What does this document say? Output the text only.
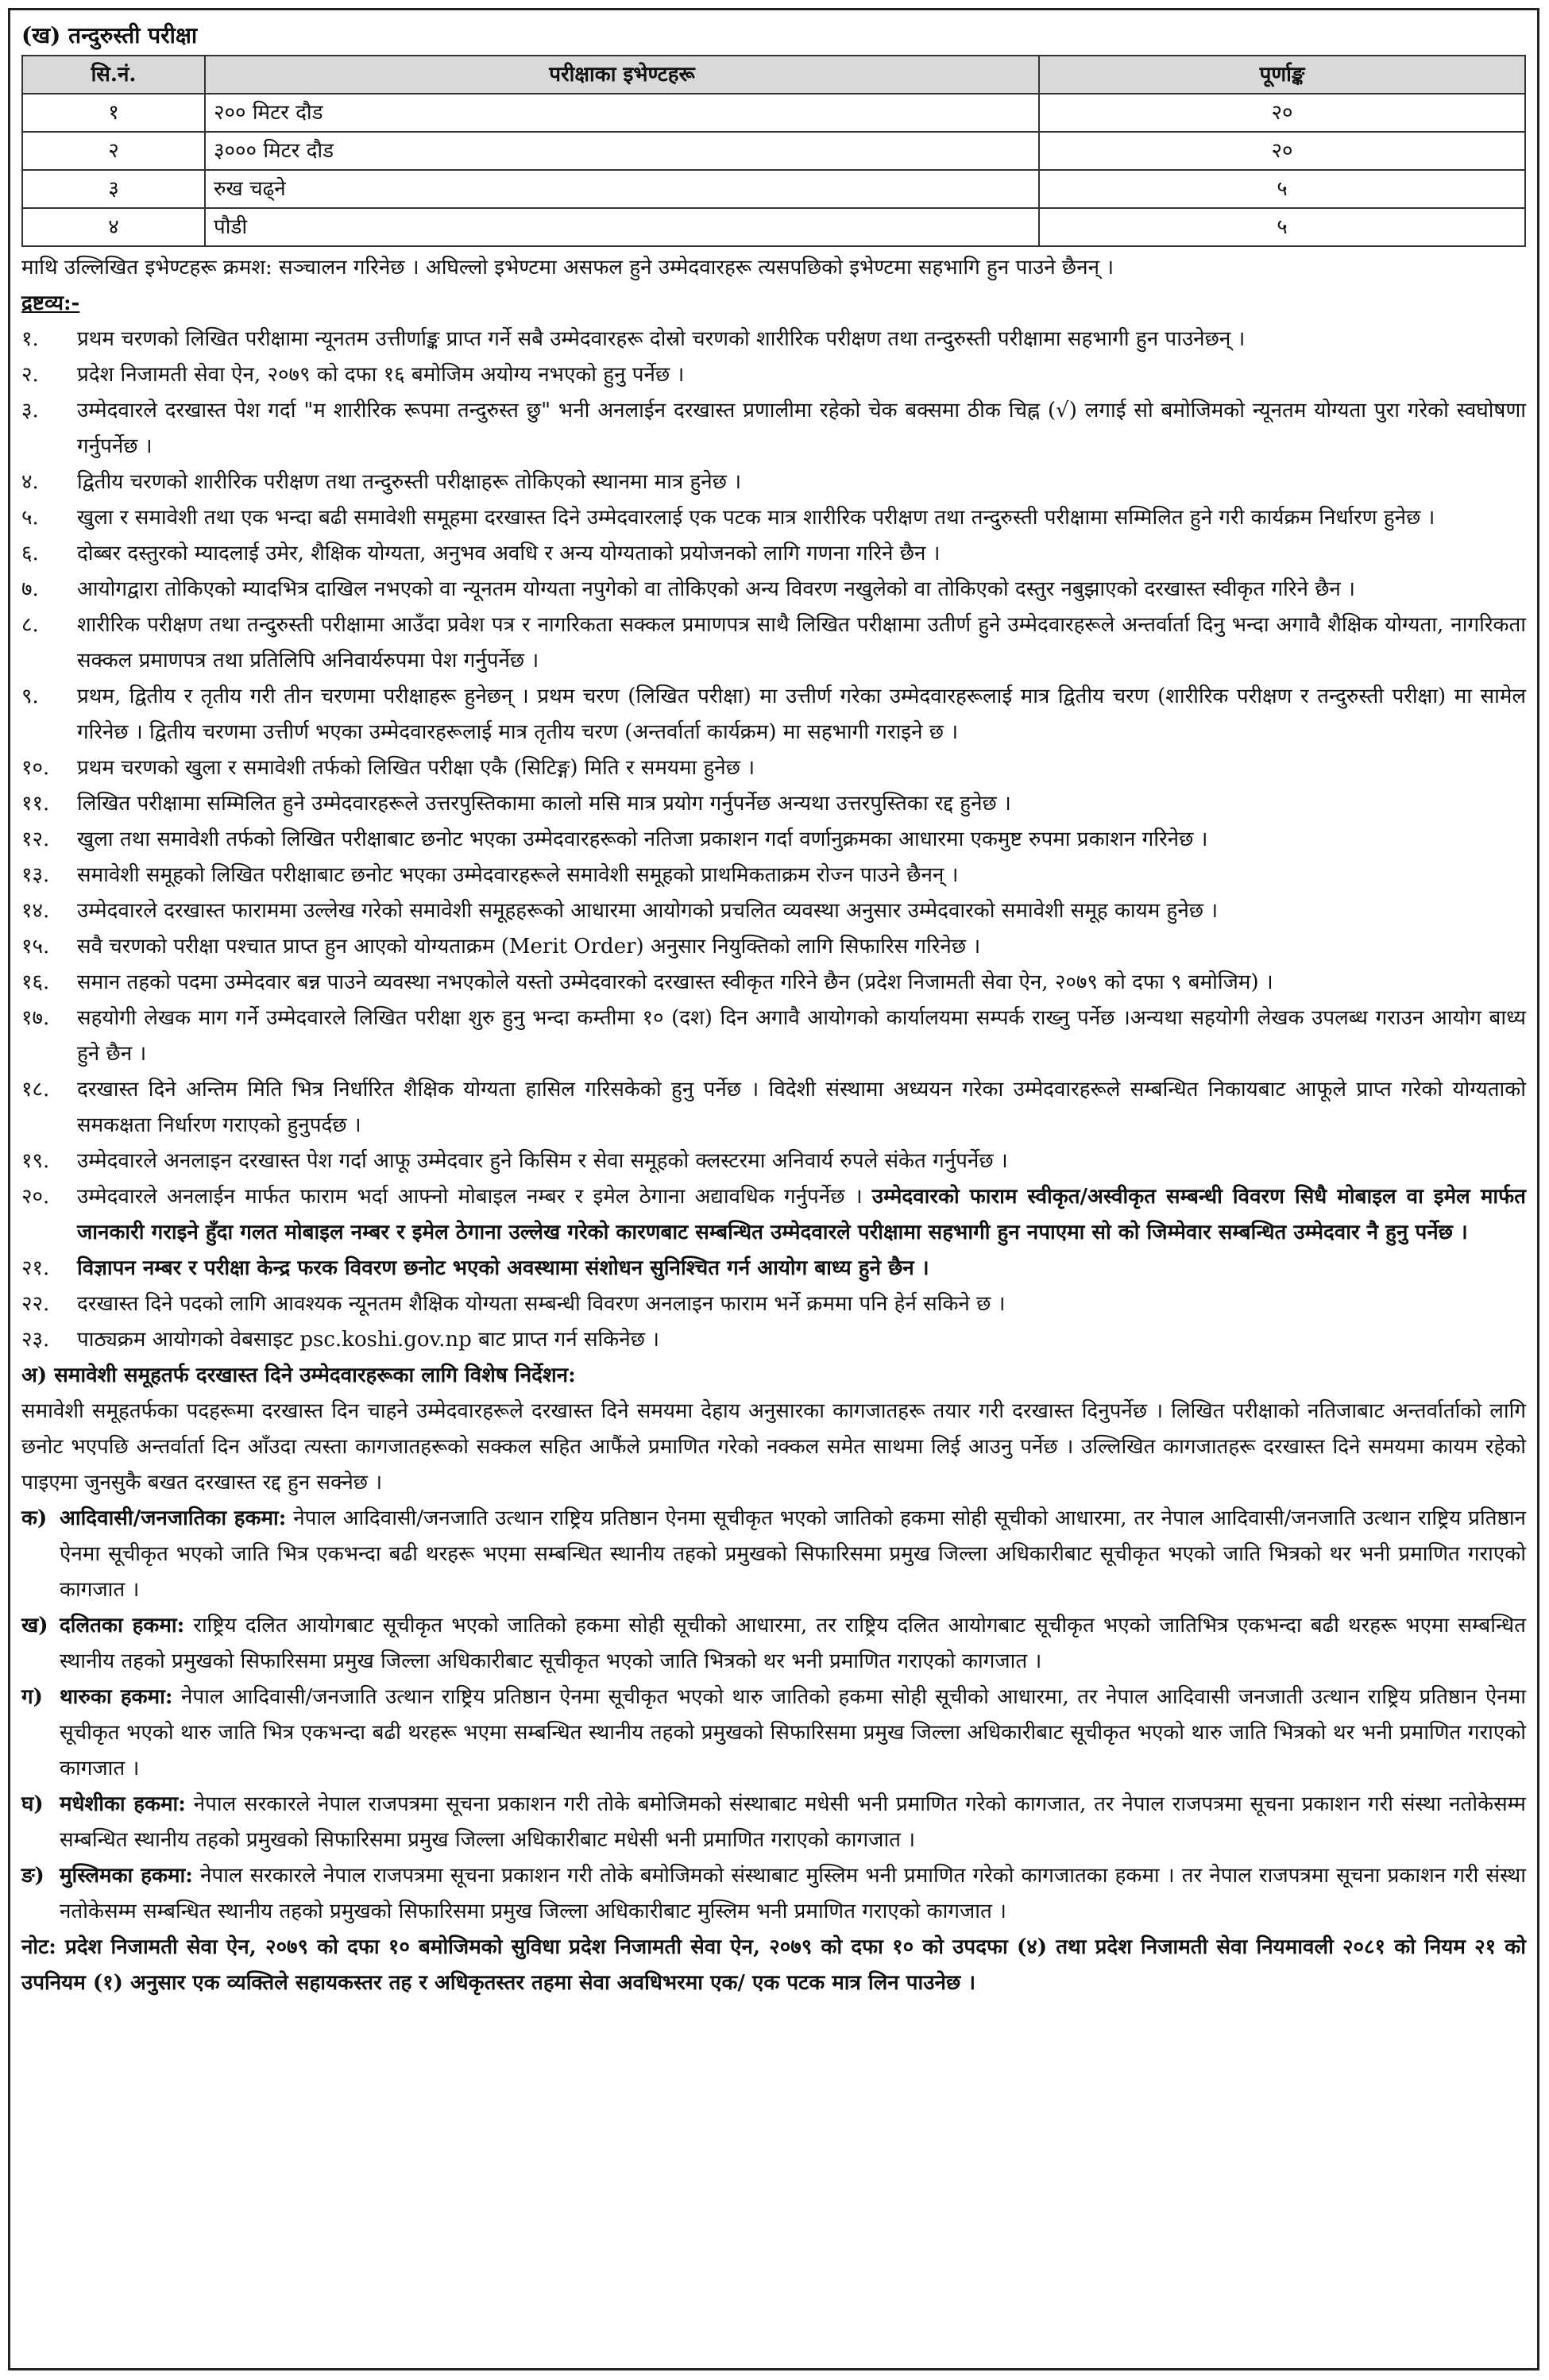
(ख) तन्दुरुस्ती परीक्षा
सि.नं.	परीक्षाका इभेण्टहरू	पूर्णाङ्क
१	२०० मिटर दौड	२०
२	३००० मिटर दौड	२०
३	रुख चढ्ने	५
४	पौडी	५
माथि उल्लिखित इभेण्टहरू क्रमश: सञ्चालन गरिनेछ । अघिल्लो इभेण्टमा असफल हुने उम्मेदवारहरू त्यसपछिको इभेण्टमा सहभागि हुन पाउने छैनन् ।
द्रष्टव्य:-
१.	प्रथम चरणको लिखित परीक्षामा न्यूनतम उत्तीर्णाङ्क प्राप्त गर्ने सबै उम्मेदवारहरू दोस्रो चरणको शारीरिक परीक्षण तथा तन्दुरुस्ती परीक्षामा सहभागी हुन पाउनेछन् ।
२.	प्रदेश निजामती सेवा ऐन, २०७९ को दफा १६ बमोजिम अयोग्य नभएको हुनु पर्नेछ ।
३.	उम्मेदवारले दरखास्त पेश गर्दा "म शारीरिक रूपमा तन्दुरुस्त छु" भनी अनलाईन दरखास्त प्रणालीमा रहेको चेक बक्समा ठीक चिह्न (√) लगाई सो बमोजिमको न्यूनतम योग्यता पुरा गरेको स्वघोषणा गर्नुपर्नेछ ।
४.	द्वितीय चरणको शारीरिक परीक्षण तथा तन्दुरुस्ती परीक्षाहरू तोकिएको स्थानमा मात्र हुनेछ ।
५.	खुला र समावेशी तथा एक भन्दा बढी समावेशी समूहमा दरखास्त दिने उम्मेदवारलाई एक पटक मात्र शारीरिक परीक्षण तथा तन्दुरुस्ती परीक्षामा सम्मिलित हुने गरी कार्यक्रम निर्धारण हुनेछ ।
६.	दोब्बर दस्तुरको म्यादलाई उमेर, शैक्षिक योग्यता, अनुभव अवधि र अन्य योग्यताको प्रयोजनको लागि गणना गरिने छैन ।
७.	आयोगद्वारा तोकिएको म्यादभित्र दाखिल नभएको वा न्यूनतम योग्यता नपुगेको वा तोकिएको अन्य विवरण नखुलेको वा तोकिएको दस्तुर नबुझाएको दरखास्त स्वीकृत गरिने छैन ।
८.	शारीरिक परीक्षण तथा तन्दुरुस्ती परीक्षामा आउँदा प्रवेश पत्र र नागरिकता सक्कल प्रमाणपत्र साथै लिखित परीक्षामा उतीर्ण हुने उम्मेदवारहरूले अन्तर्वार्ता दिनु भन्दा अगावै शैक्षिक योग्यता, नागरिकता सक्कल प्रमाणपत्र तथा प्रतिलिपि अनिवार्यरुपमा पेश गर्नुपर्नेछ ।
९.	प्रथम, द्वितीय र तृतीय गरी तीन चरणमा परीक्षाहरू हुनेछन् । प्रथम चरण (लिखित परीक्षा) मा उत्तीर्ण गरेका उम्मेदवारहरूलाई मात्र द्वितीय चरण (शारीरिक परीक्षण र तन्दुरुस्ती परीक्षा) मा सामेल गरिनेछ । द्वितीय चरणमा उत्तीर्ण भएका उम्मेदवारहरूलाई मात्र तृतीय चरण (अन्तर्वार्ता कार्यक्रम) मा सहभागी गराइने छ ।
१०.	प्रथम चरणको खुला र समावेशी तर्फको लिखित परीक्षा एकै (सिटिङ्ग) मिति र समयमा हुनेछ ।
११.	लिखित परीक्षामा सम्मिलित हुने उम्मेदवारहरूले उत्तरपुस्तिकामा कालो मसि मात्र प्रयोग गर्नुपर्नेछ अन्यथा उत्तरपुस्तिका रद्द हुनेछ ।
१२.	खुला तथा समावेशी तर्फको लिखित परीक्षाबाट छनोट भएका उम्मेदवारहरूको नतिजा प्रकाशन गर्दा वर्णानुक्रमका आधारमा एकमुष्ट रुपमा प्रकाशन गरिनेछ ।
१३.	समावेशी समूहको लिखित परीक्षाबाट छनोट भएका उम्मेदवारहरूले समावेशी समूहको प्राथमिकताक्रम रोज्न पाउने छैनन् ।
१४.	उम्मेदवारले दरखास्त फाराममा उल्लेख गरेको समावेशी समूहहरूको आधारमा आयोगको प्रचलित व्यवस्था अनुसार उम्मेदवारको समावेशी समूह कायम हुनेछ ।
१५.	सवै चरणको परीक्षा पश्चात प्राप्त हुन आएको योग्यताक्रम (Merit Order) अनुसार नियुक्तिको लागि सिफारिस गरिनेछ ।
१६.	समान तहको पदमा उम्मेदवार बन्न पाउने व्यवस्था नभएकोले यस्तो उम्मेदवारको दरखास्त स्वीकृत गरिने छैन (प्रदेश निजामती सेवा ऐन, २०७९ को दफा ९ बमोजिम) ।
१७.	सहयोगी लेखक माग गर्ने उम्मेदवारले लिखित परीक्षा शुरु हुनु भन्दा कम्तीमा १० (दश) दिन अगावै आयोगको कार्यालयमा सम्पर्क राख्नु पर्नेछ ।अन्यथा सहयोगी लेखक उपलब्ध गराउन आयोग बाध्य हुने छैन ।
१८.	दरखास्त दिने अन्तिम मिति भित्र निर्धारित शैक्षिक योग्यता हासिल गरिसकेको हुनु पर्नेछ । विदेशी संस्थामा अध्ययन गरेका उम्मेदवारहरूले सम्बन्धित निकायबाट आफूले प्राप्त गरेको योग्यताको समकक्षता निर्धारण गराएको हुनुपर्दछ ।
१९.	उम्मेदवारले अनलाइन दरखास्त पेश गर्दा आफू उम्मेदवार हुने किसिम र सेवा समूहको क्लस्टरमा अनिवार्य रुपले संकेत गर्नुपर्नेछ ।
२०.	उम्मेदवारले अनलाईन मार्फत फाराम भर्दा आफ्नो मोबाइल नम्बर र इमेल ठेगाना अद्यावधिक गर्नुपर्नेछ । उम्मेदवारको फाराम स्वीकृत/अस्वीकृत सम्बन्धी विवरण सिधै मोबाइल वा इमेल मार्फत जानकारी गराइने हुँदा गलत मोबाइल नम्बर र इमेल ठेगाना उल्लेख गरेको कारणबाट सम्बन्धित उम्मेदवारले परीक्षामा सहभागी हुन नपाएमा सो को जिम्मेवार सम्बन्धित उम्मेदवार नै हुनु पर्नेछ ।
२१.	विज्ञापन नम्बर र परीक्षा केन्द्र फरक विवरण छनोट भएको अवस्थामा संशोधन सुनिश्चित गर्न आयोग बाध्य हुने छैन ।
२२.	दरखास्त दिने पदको लागि आवश्यक न्यूनतम शैक्षिक योग्यता सम्बन्धी विवरण अनलाइन फाराम भर्ने क्रममा पनि हेर्न सकिने छ ।
२३.	पाठ्यक्रम आयोगको वेबसाइट psc.koshi.gov.np बाट प्राप्त गर्न सकिनेछ ।
अ) समावेशी समूहतर्फ दरखास्त दिने उम्मेदवारहरूका लागि विशेष निर्देशन:
समावेशी समूहतर्फका पदहरूमा दरखास्त दिन चाहने उम्मेदवारहरूले दरखास्त दिने समयमा देहाय अनुसारका कागजातहरू तयार गरी दरखास्त दिनुपर्नेछ । लिखित परीक्षाको नतिजाबाट अन्तर्वार्ताको लागि छनोट भएपछि अन्तर्वार्ता दिन आँउदा त्यस्ता कागजातहरूको सक्कल सहित आफैंले प्रमाणित गरेको नक्कल समेत साथमा लिई आउनु पर्नेछ । उल्लिखित कागजातहरू दरखास्त दिने समयमा कायम रहेको पाइएमा जुनसुकै बखत दरखास्त रद्द हुन सक्नेछ ।
क) आदिवासी/जनजातिका हकमा: नेपाल आदिवासी/जनजाति उत्थान राष्ट्रिय प्रतिष्ठान ऐनमा सूचीकृत भएको जातिको हकमा सोही सूचीको आधारमा, तर नेपाल आदिवासी/जनजाति उत्थान राष्ट्रिय प्रतिष्ठान ऐनमा सूचीकृत भएको जाति भित्र एकभन्दा बढी थरहरू भएमा सम्बन्धित स्थानीय तहको प्रमुखको सिफारिसमा प्रमुख जिल्ला अधिकारीबाट सूचीकृत भएको जाति भित्रको थर भनी प्रमाणित गराएको कागजात ।
ख) दलितका हकमा: राष्ट्रिय दलित आयोगबाट सूचीकृत भएको जातिको हकमा सोही सूचीको आधारमा, तर राष्ट्रिय दलित आयोगबाट सूचीकृत भएको जातिभित्र एकभन्दा बढी थरहरू भएमा सम्बन्धित स्थानीय तहको प्रमुखको सिफारिसमा प्रमुख जिल्ला अधिकारीबाट सूचीकृत भएको जाति भित्रको थर भनी प्रमाणित गराएको कागजात ।
ग) थारुका हकमा: नेपाल आदिवासी/जनजाति उत्थान राष्ट्रिय प्रतिष्ठान ऐनमा सूचीकृत भएको थारु जातिको हकमा सोही सूचीको आधारमा, तर नेपाल आदिवासी जनजाती उत्थान राष्ट्रिय प्रतिष्ठान ऐनमा सूचीकृत भएको थारु जाति भित्र एकभन्दा बढी थरहरू भएमा सम्बन्धित स्थानीय तहको प्रमुखको सिफारिसमा प्रमुख जिल्ला अधिकारीबाट सूचीकृत भएको थारु जाति भित्रको थर भनी प्रमाणित गराएको कागजात ।
घ) मधेशीका हकमा: नेपाल सरकारले नेपाल राजपत्रमा सूचना प्रकाशन गरी तोके बमोजिमको संस्थाबाट मधेसी भनी प्रमाणित गरेको कागजात, तर नेपाल राजपत्रमा सूचना प्रकाशन गरी संस्था नतोकेसम्म सम्बन्धित स्थानीय तहको प्रमुखको सिफारिसमा प्रमुख जिल्ला अधिकारीबाट मधेसी भनी प्रमाणित गराएको कागजात ।
ङ) मुस्लिमका हकमा: नेपाल सरकारले नेपाल राजपत्रमा सूचना प्रकाशन गरी तोके बमोजिमको संस्थाबाट मुस्लिम भनी प्रमाणित गरेको कागजातका हकमा । तर नेपाल राजपत्रमा सूचना प्रकाशन गरी संस्था नतोकेसम्म सम्बन्धित स्थानीय तहको प्रमुखको सिफारिसमा प्रमुख जिल्ला अधिकारीबाट मुस्लिम भनी प्रमाणित गराएको कागजात ।
नोट: प्रदेश निजामती सेवा ऐन, २०७९ को दफा १० बमोजिमको सुविधा प्रदेश निजामती सेवा ऐन, २०७९ को दफा १० को उपदफा (४) तथा प्रदेश निजामती सेवा नियमावली २०८१ को नियम २१ को उपनियम (१) अनुसार एक व्यक्तिले सहायकस्तर तह र अधिकृतस्तर तहमा सेवा अवधिभरमा एक/ एक पटक मात्र लिन पाउनेछ ।
